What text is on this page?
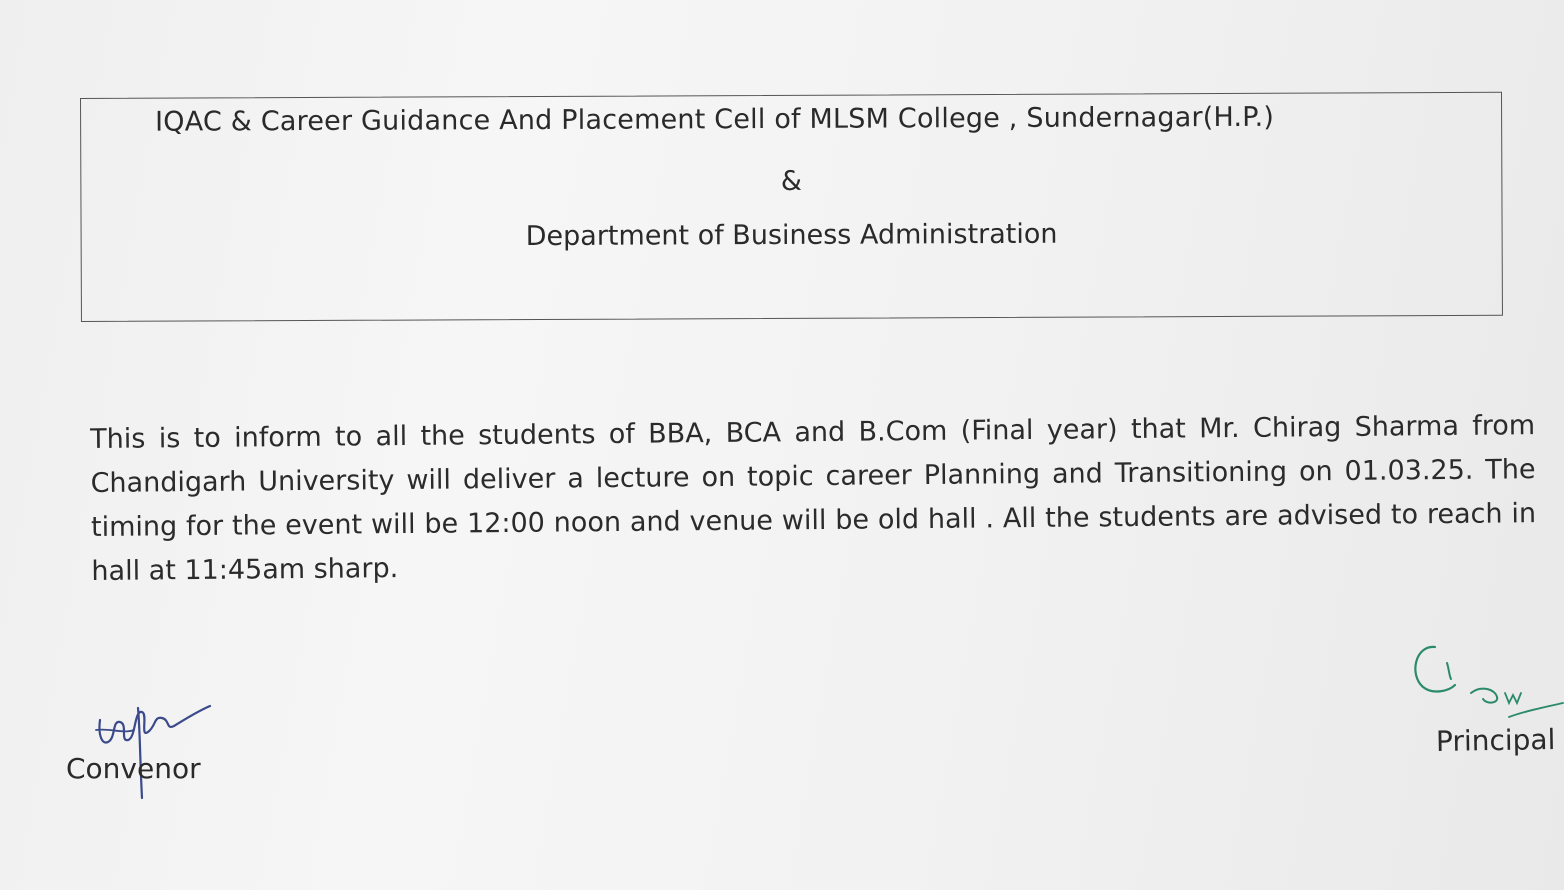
IQAC & Career Guidance And Placement Cell of MLSM College , Sundernagar(H.P.)
&
Department of Business Administration
This is to inform to all the students of BBA, BCA and B.Com (Final year) that Mr. Chirag Sharma from Chandigarh University will deliver a lecture on topic career Planning and Transitioning on 01.03.25. The timing for the event will be 12:00 noon and venue will be old hall . All the students are advised to reach in hall at 11:45am sharp.
Convenor
Principal
